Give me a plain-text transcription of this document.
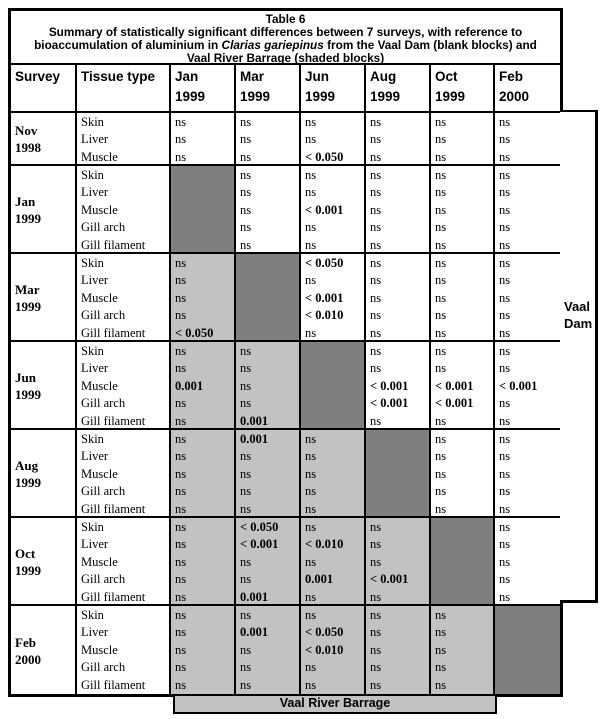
Table 6
Summary of statistically significant differences between 7 surveys, with reference to
bioaccumulation of aluminium in Clarias gariepinus from the Vaal Dam (blank blocks) and
Vaal River Barrage (shaded blocks)
Survey	Tissue type	Jan
1999
Mar
1999
Jun
1999
Aug
1999
Oct
1999
Feb
2000
Nov
1998
Skin
Liver
Muscle
ns
ns
ns
ns
ns
ns
ns
ns
< 0.050
ns
ns
ns
ns
ns
ns
ns
ns
ns
Jan
1999
Skin
Liver
Muscle
Gill arch
Gill filament
ns
ns
ns
ns
ns
ns
ns
< 0.001
ns
ns
ns
ns
ns
ns
ns
ns
ns
ns
ns
ns
ns
ns
ns
ns
ns
Mar
1999
Skin
Liver
Muscle
Gill arch
Gill filament
ns
ns
ns
ns
< 0.050
< 0.050
ns
< 0.001
< 0.010
ns
ns
ns
ns
ns
ns
ns
ns
ns
ns
ns
ns
ns
ns
ns
ns
Jun
1999
Skin
Liver
Muscle
Gill arch
Gill filament
ns
ns
0.001
ns
ns
ns
ns
ns
ns
0.001
ns
ns
< 0.001
< 0.001
ns
ns
ns
< 0.001
< 0.001
ns
ns
ns
< 0.001
ns
ns
Aug
1999
Skin
Liver
Muscle
Gill arch
Gill filament
ns
ns
ns
ns
ns
0.001
ns
ns
ns
ns
ns
ns
ns
ns
ns
ns
ns
ns
ns
ns
ns
ns
ns
ns
ns
Oct
1999
Skin
Liver
Muscle
Gill arch
Gill filament
ns
ns
ns
ns
ns
< 0.050
< 0.001
ns
ns
0.001
ns
< 0.010
ns
0.001
ns
ns
ns
ns
< 0.001
ns
ns
ns
ns
ns
ns
Feb
2000
Skin
Liver
Muscle
Gill arch
Gill filament
ns
ns
ns
ns
ns
ns
0.001
ns
ns
ns
ns
< 0.050
< 0.010
ns
ns
ns
ns
ns
ns
ns
ns
ns
ns
ns
ns
Vaal
Dam
Vaal River Barrage
